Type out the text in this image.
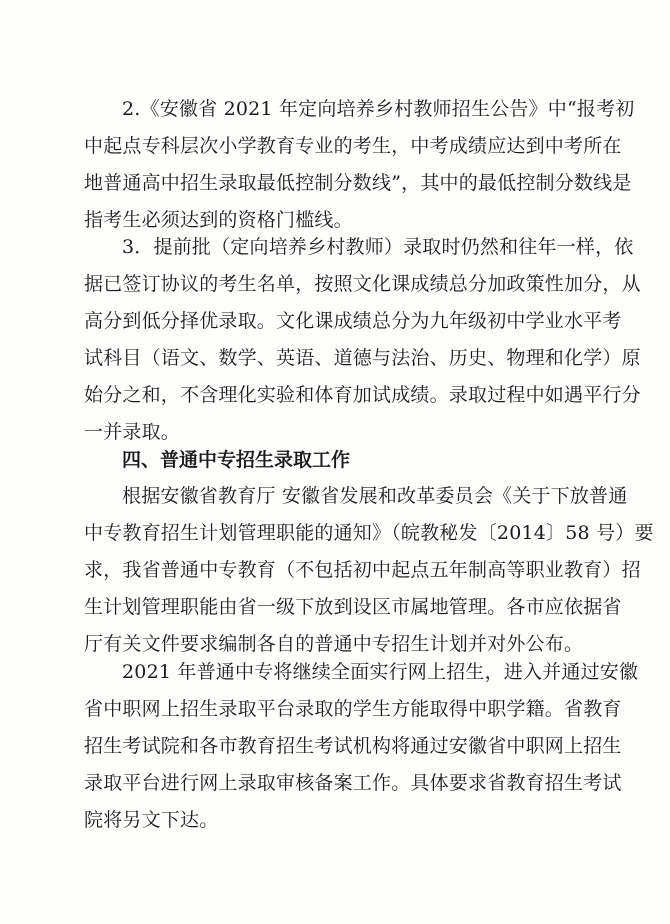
2.《安徽省 2021 年定向培养乡村教师招生公告》中“报考初
中起点专科层次小学教育专业的考生，中考成绩应达到中考所在
地普通高中招生录取最低控制分数线”，其中的最低控制分数线是
指考生必须达到的资格门槛线。
3．提前批（定向培养乡村教师）录取时仍然和往年一样，依
据已签订协议的考生名单，按照文化课成绩总分加政策性加分，从
高分到低分择优录取。文化课成绩总分为九年级初中学业水平考
试科目（语文、数学、英语、道德与法治、历史、物理和化学）原
始分之和，不含理化实验和体育加试成绩。录取过程中如遇平行分
一并录取。
四、普通中专招生录取工作
根据安徽省教育厅 安徽省发展和改革委员会《关于下放普通
中专教育招生计划管理职能的通知》（皖教秘发〔2014〕58 号）要
求，我省普通中专教育（不包括初中起点五年制高等职业教育）招
生计划管理职能由省一级下放到设区市属地管理。各市应依据省
厅有关文件要求编制各自的普通中专招生计划并对外公布。
2021 年普通中专将继续全面实行网上招生，进入并通过安徽
省中职网上招生录取平台录取的学生方能取得中职学籍。省教育
招生考试院和各市教育招生考试机构将通过安徽省中职网上招生
录取平台进行网上录取审核备案工作。具体要求省教育招生考试
院将另文下达。
